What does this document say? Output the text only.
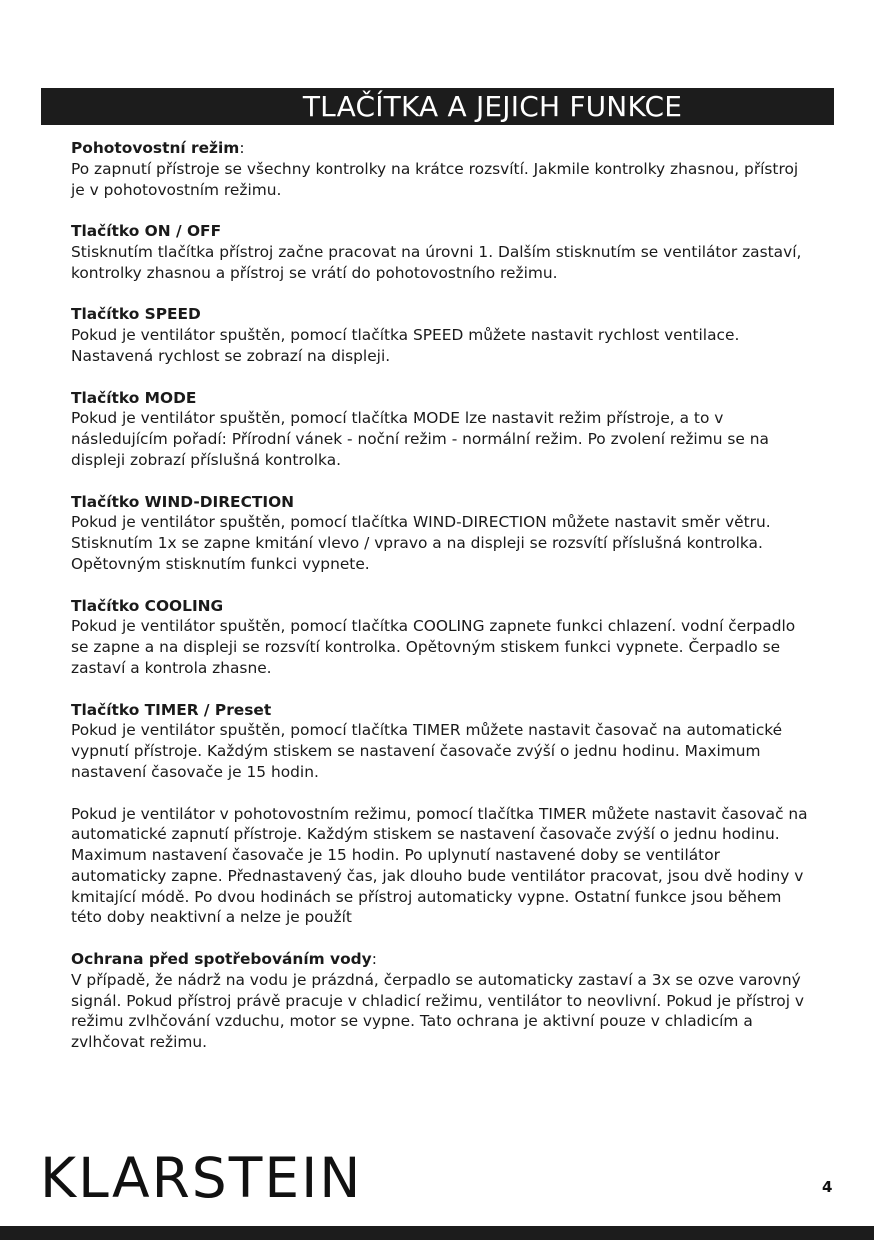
TLAČÍTKA A JEJICH FUNKCE
Pohotovostní režim:

Po zapnutí přístroje se všechny kontrolky na krátce rozsvítí. Jakmile kontrolky zhasnou, přístroj je v pohotovostním režimu.

Tlačítko ON / OFF

Stisknutím tlačítka přístroj začne pracovat na úrovni 1. Dalším stisknutím se ventilátor zastaví, kontrolky zhasnou a přístroj se vrátí do pohotovostního režimu.

Tlačítko SPEED

Pokud je ventilátor spuštěn, pomocí tlačítka SPEED můžete nastavit rychlost ventilace. Nastavená rychlost se zobrazí na displeji.

Tlačítko MODE

Pokud je ventilátor spuštěn, pomocí tlačítka MODE lze nastavit režim přístroje, a to v následujícím pořadí: Přírodní vánek - noční režim - normální režim. Po zvolení režimu se na displeji zobrazí příslušná kontrolka.

Tlačítko WIND-DIRECTION

Pokud je ventilátor spuštěn, pomocí tlačítka WIND-DIRECTION můžete nastavit směr větru. Stisknutím 1x se zapne kmitání vlevo / vpravo a na displeji se rozsvítí příslušná kontrolka. Opětovným stisknutím funkci vypnete.

Tlačítko COOLING

Pokud je ventilátor spuštěn, pomocí tlačítka COOLING zapnete funkci chlazení. vodní čerpadlo se zapne a na displeji se rozsvítí kontrolka. Opětovným stiskem funkci vypnete. Čerpadlo se zastaví a kontrola zhasne.

Tlačítko TIMER / Preset

Pokud je ventilátor spuštěn, pomocí tlačítka TIMER můžete nastavit časovač na automatické vypnutí přístroje. Každým stiskem se nastavení časovače zvýší o jednu hodinu. Maximum nastavení časovače je 15 hodin.

Pokud je ventilátor v pohotovostním režimu, pomocí tlačítka TIMER můžete nastavit časovač na automatické zapnutí přístroje. Každým stiskem se nastavení časovače zvýší o jednu hodinu. Maximum nastavení časovače je 15 hodin. Po uplynutí nastavené doby se ventilátor automaticky zapne. Přednastavený čas, jak dlouho bude ventilátor pracovat, jsou dvě hodiny v kmitající módě. Po dvou hodinách se přístroj automaticky vypne. Ostatní funkce jsou během této doby neaktivní a nelze je použít

Ochrana před spotřebováním vody:

V případě, že nádrž na vodu je prázdná, čerpadlo se automaticky zastaví a 3x se ozve varovný signál. Pokud přístroj právě pracuje v chladicí režimu, ventilátor to neovlivní. Pokud je přístroj v režimu zvlhčování vzduchu, motor se vypne. Tato ochrana je aktivní pouze v chladicím a zvlhčovat režimu.

KLARSTEIN	4
